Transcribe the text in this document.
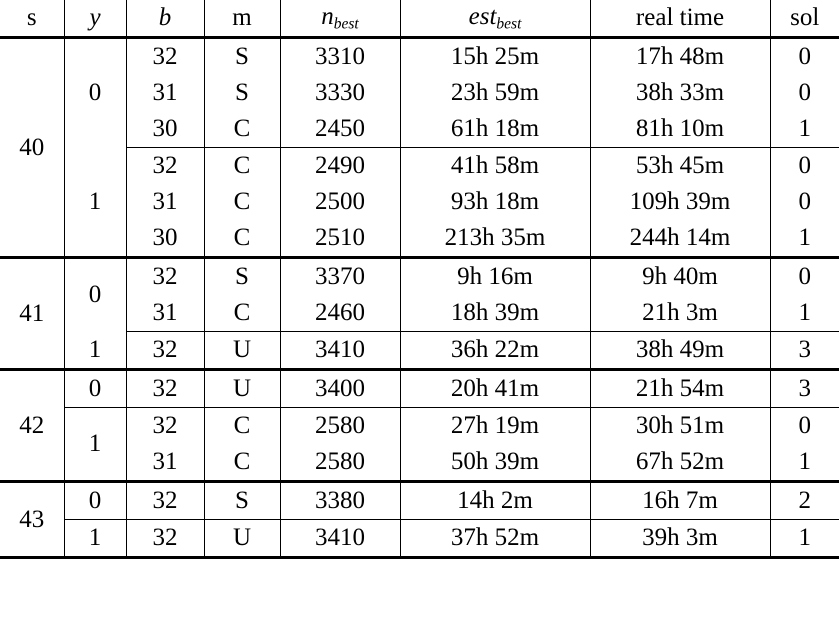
s	y	b	m	$n_{best}$	est$_{best}$	real time	sol
40	0	32	S	3310	15h 25m	17h 48m	0
		31	S	3330	23h 59m	38h 33m	0
		30	C	2450	61h 18m	81h 10m	1
	1	32	C	2490	41h 58m	53h 45m	0
		31	C	2500	93h 18m	109h 39m	0
		30	C	2510	213h 35m	244h 14m	1
41	0	32	S	3370	9h 16m	9h 40m	0
		31	C	2460	18h 39m	21h 3m	1
	1	32	U	3410	36h 22m	38h 49m	3
42	0	32	U	3400	20h 41m	21h 54m	3
	1	32	C	2580	27h 19m	30h 51m	0
		31	C	2580	50h 39m	67h 52m	1
43	0	32	S	3380	14h 2m	16h 7m	2
	1	32	U	3410	37h 52m	39h 3m	1
